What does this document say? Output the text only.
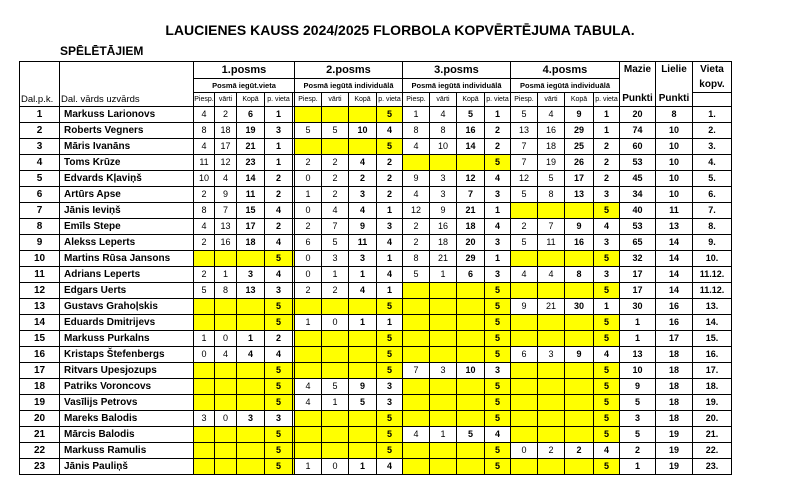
LAUCIENES KAUSS 2024/2025 FLORBOLA KOPVĒRTĒJUMA TABULA.
SPĒLĒTĀJIEM
		1.posms					2.posms				3.posms				4.posms				Mazie	Lielie	Vieta
		Posmā iegūt.vieta					Posmā iegūtā individuālā				Posmā iegūtā individuālā				Posmā iegūtā individuālā						kopv.
Dal.p.k.	Dal. vārds uzvārds	Piesp.	vārti	Kopā	p. vieta		Piesp.	vārti	Kopā	p. vieta	Piesp.	vārti	Kopā	p. vieta	Piesp.	vārti	Kopā	p. vieta	Punkti	Punkti	
1	Markuss Larionovs	4	2	6	1					5	1	4	5	1	5	4	9	1	20	8	1.
2	Roberts Vegners	8	18	19	3		5	5	10	4	8	8	16	2	13	16	29	1	74	10	2.
3	Māris Ivanāns	4	17	21	1					5	4	10	14	2	7	18	25	2	60	10	3.
4	Toms Krūze	11	12	23	1		2	2	4	2				5	7	19	26	2	53	10	4.
5	Edvards Kļaviņš	10	4	14	2		0	2	2	2	9	3	12	4	12	5	17	2	45	10	5.
6	Artūrs Apse	2	9	11	2		1	2	3	2	4	3	7	3	5	8	13	3	34	10	6.
7	Jānis Ieviņš	8	7	15	4		0	4	4	1	12	9	21	1				5	40	11	7.
8	Emīls Stepe	4	13	17	2		2	7	9	3	2	16	18	4	2	7	9	4	53	13	8.
9	Alekss Leperts	2	16	18	4		6	5	11	4	2	18	20	3	5	11	16	3	65	14	9.
10	Martins Rūsa Jansons				5		0	3	3	1	8	21	29	1				5	32	14	10.
11	Adrians Leperts	2	1	3	4		0	1	1	4	5	1	6	3	4	4	8	3	17	14	11.12.
12	Edgars Uerts	5	8	13	3		2	2	4	1				5				5	17	14	11.12.
13	Gustavs Grahoļskis				5					5				5	9	21	30	1	30	16	13.
14	Eduards Dmitrijevs				5		1	0	1	1				5				5	1	16	14.
15	Markuss Purkalns	1	0	1	2					5				5				5	1	17	15.
16	Kristaps Štefenbergs	0	4	4	4					5				5	6	3	9	4	13	18	16.
17	Ritvars Upesjozups				5					5	7	3	10	3				5	10	18	17.
18	Patriks Voroncovs				5		4	5	9	3				5				5	9	18	18.
19	Vasīlijs Petrovs				5		4	1	5	3				5				5	5	18	19.
20	Mareks Balodis	3	0	3	3					5				5				5	3	18	20.
21	Mārcis Balodis				5					5	4	1	5	4				5	5	19	21.
22	Markuss Ramulis				5					5				5	0	2	2	4	2	19	22.
23	Jānis Pauliņš				5		1	0	1	4				5				5	1	19	23.
